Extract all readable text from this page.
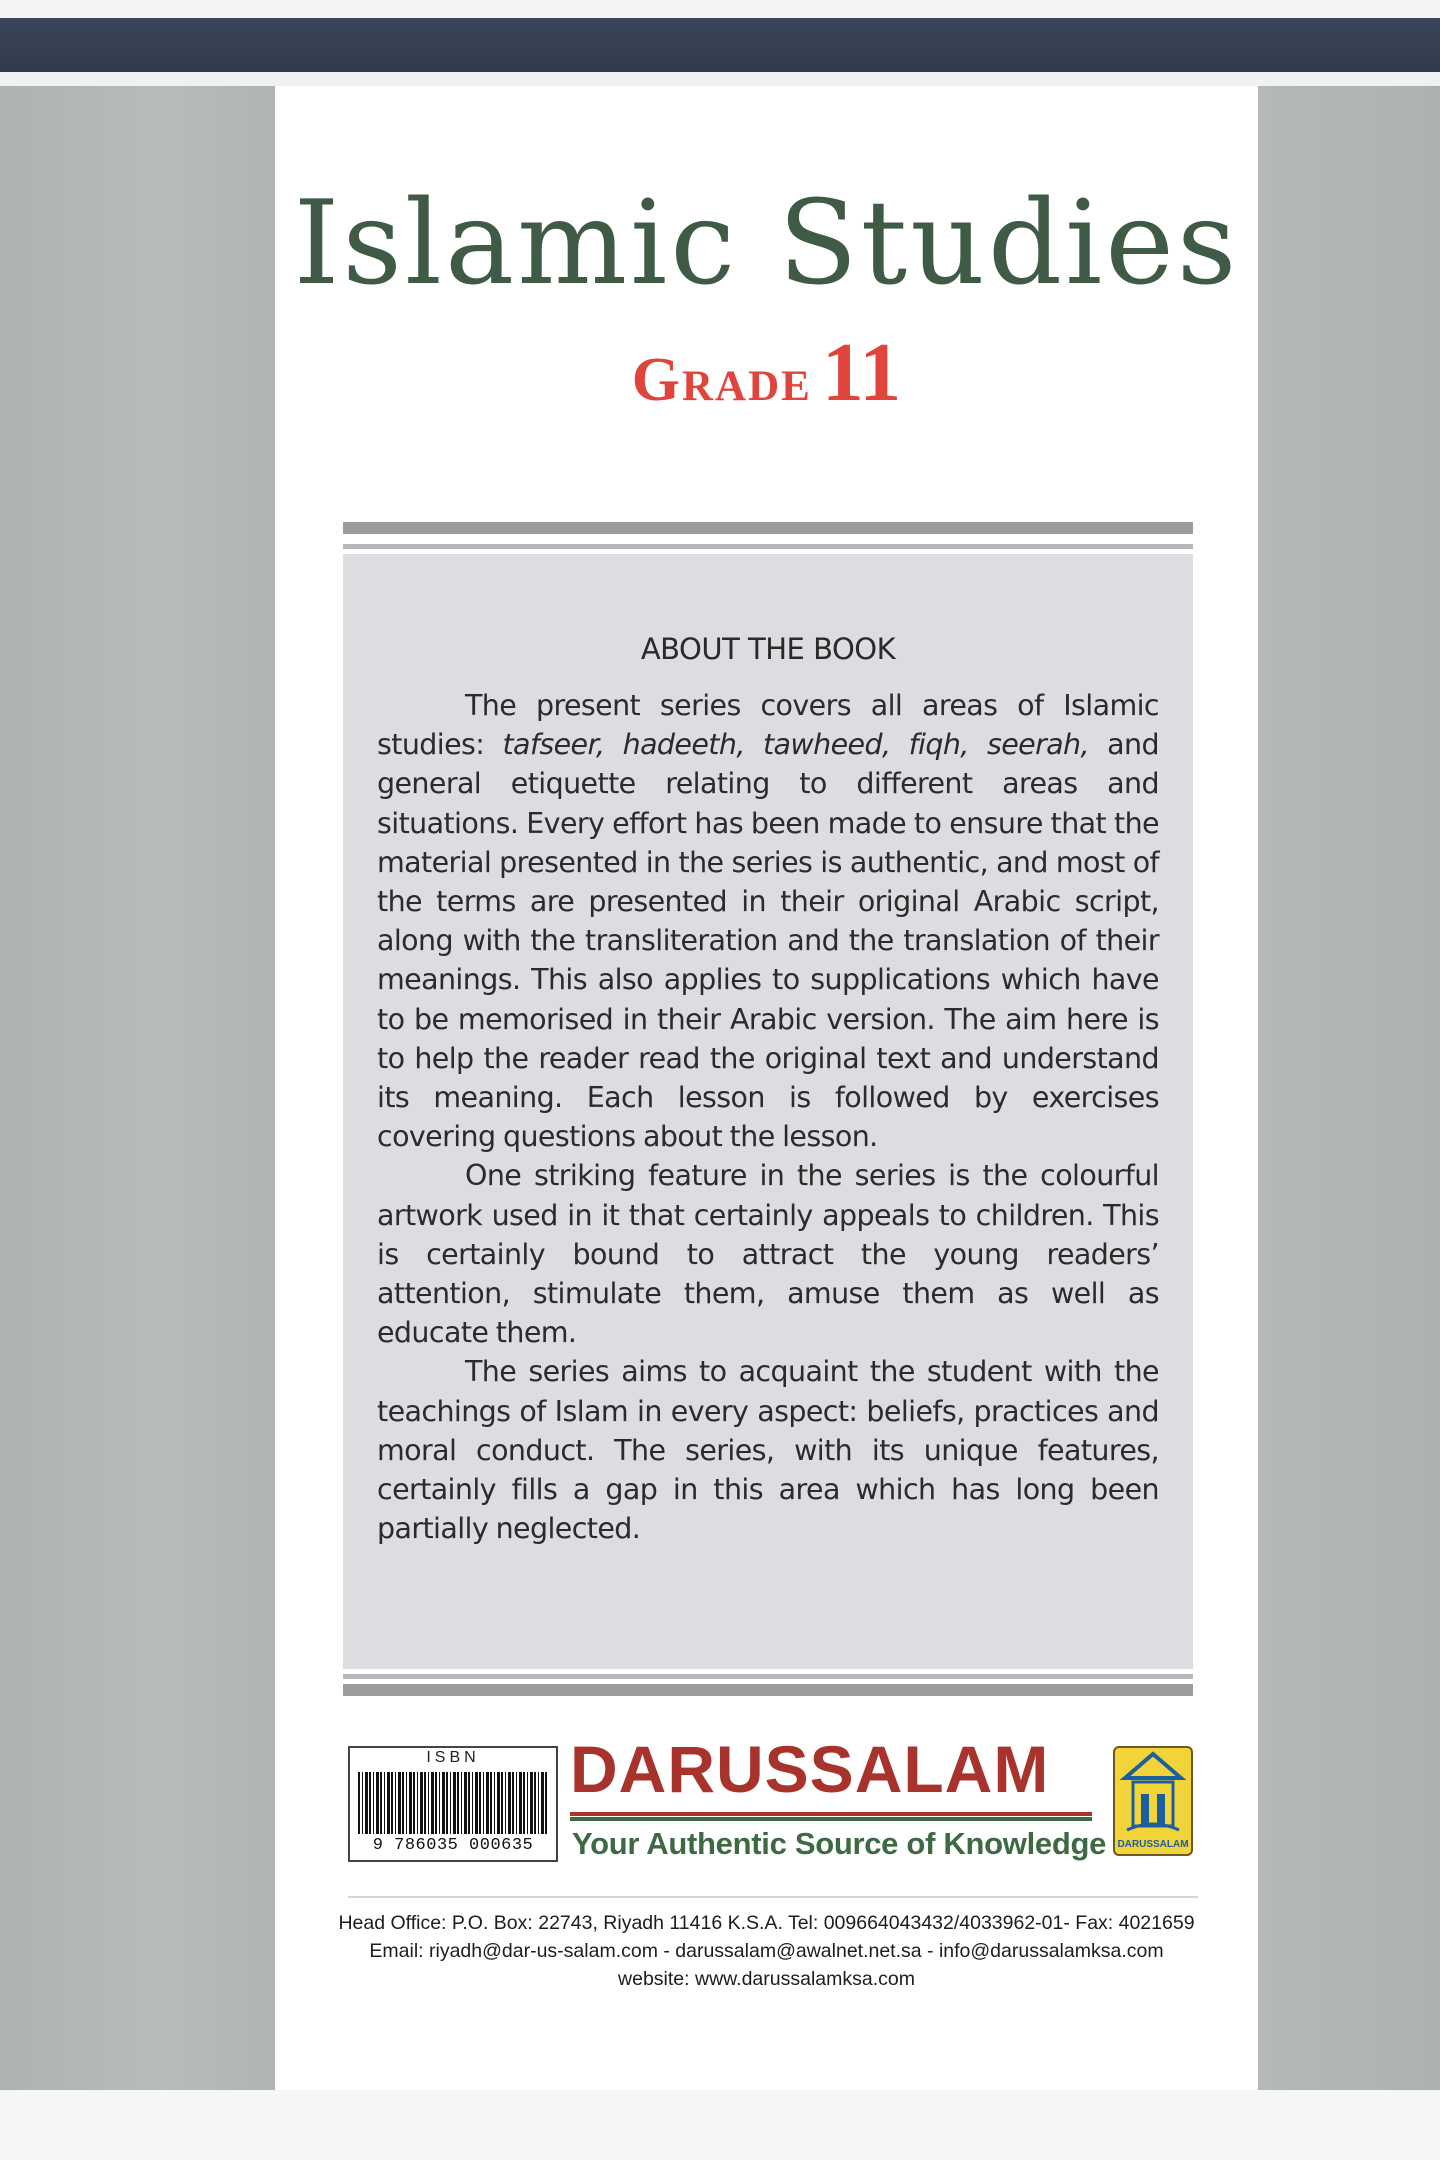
Islamic Studies
Grade 11
ABOUT THE BOOK

The present series covers all areas of Islamic studies: tafseer, hadeeth, tawheed, fiqh, seerah, and general etiquette relating to different areas and situations. Every effort has been made to ensure that the material presented in the series is authentic, and most of the terms are presented in their original Arabic script, along with the transliteration and the translation of their meanings. This also applies to supplications which have to be memorised in their Arabic version. The aim here is to help the reader read the original text and understand its meaning. Each lesson is followed by exercises covering questions about the lesson.

One striking feature in the series is the colourful artwork used in it that certainly appeals to children. This is certainly bound to attract the young readers’ attention, stimulate them, amuse them as well as educate them.

The series aims to acquaint the student with the teachings of Islam in every aspect: beliefs, practices and moral conduct. The series, with its unique features, certainly fills a gap in this area which has long been partially neglected.

ISBN
9 786035 000635
DARUSSALAM
Your Authentic Source of Knowledge DARUSSALAM
Head Office: P.O. Box: 22743, Riyadh 11416 K.S.A. Tel: 009664043432/4033962-01- Fax: 4021659
Email: riyadh@dar-us-salam.com - darussalam@awalnet.net.sa - info@darussalamksa.com
website: www.darussalamksa.com
